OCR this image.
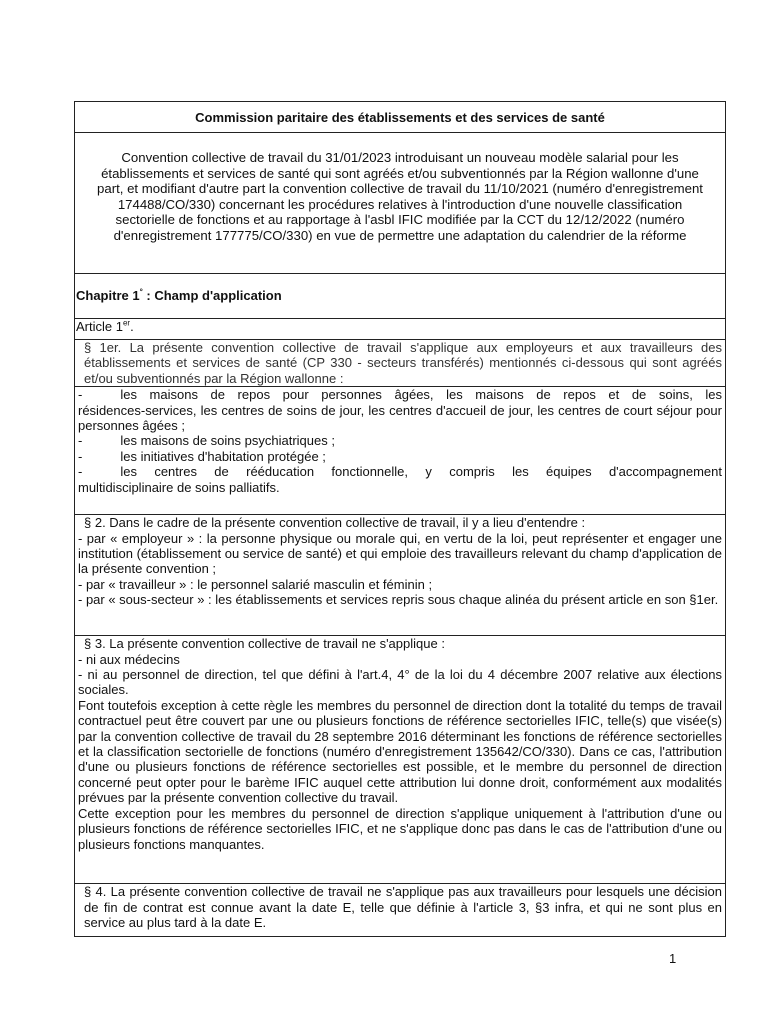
Commission paritaire des établissements et des services de santé

Convention collective de travail du 31/01/2023 introduisant un nouveau modèle salarial pour les établissements et services de santé qui sont agréés et/ou subventionnés par la Région wallonne d'une part, et modifiant d'autre part la convention collective de travail du 11/10/2021 (numéro d'enregistrement 174488/CO/330) concernant les procédures relatives à l'introduction d'une nouvelle classification sectorielle de fonctions et au rapportage à l'asbl IFIC modifiée par la CCT du 12/12/2022 (numéro d'enregistrement 177775/CO/330) en vue de permettre une adaptation du calendrier de la réforme

Chapitre 1° : Champ d'application
Article 1er.

§ 1er. La présente convention collective de travail s'applique aux employeurs et aux travailleurs des établissements et services de santé (CP 330 - secteurs transférés) mentionnés ci-dessous qui sont agréés et/ou subventionnés par la Région wallonne :

-	les maisons de repos pour personnes âgées, les maisons de repos et de soins, les
résidences-services, les centres de soins de jour, les centres d'accueil de jour, les centres de court séjour pour personnes âgées ;
-	les maisons de soins psychiatriques ;
-	les initiatives d'habitation protégée ;
-	les centres de rééducation fonctionnelle, y compris les équipes d'accompagnement
multidisciplinaire de soins palliatifs.

§ 2. Dans le cadre de la présente convention collective de travail, il y a lieu d'entendre :
- par « employeur » : la personne physique ou morale qui, en vertu de la loi, peut représenter et engager une institution (établissement ou service de santé) et qui emploie des travailleurs relevant du champ d'application de la présente convention ;
- par « travailleur » : le personnel salarié masculin et féminin ;
- par « sous-secteur » : les établissements et services repris sous chaque alinéa du présent article en son §1er.

§ 3. La présente convention collective de travail ne s'applique :
- ni aux médecins
- ni au personnel de direction, tel que défini à l'art.4, 4° de la loi du 4 décembre 2007 relative aux élections sociales.
Font toutefois exception à cette règle les membres du personnel de direction dont la totalité du temps de travail contractuel peut être couvert par une ou plusieurs fonctions de référence sectorielles IFIC, telle(s) que visée(s) par la convention collective de travail du 28 septembre 2016 déterminant les fonctions de référence sectorielles et la classification sectorielle de fonctions (numéro d'enregistrement 135642/CO/330). Dans ce cas, l'attribution d'une ou plusieurs fonctions de référence sectorielles est possible, et le membre du personnel de direction concerné peut opter pour le barème IFIC auquel cette attribution lui donne droit, conformément aux modalités prévues par la présente convention collective du travail.
Cette exception pour les membres du personnel de direction s'applique uniquement à l'attribution d'une ou plusieurs fonctions de référence sectorielles IFIC, et ne s'applique donc pas dans le cas de l'attribution d'une ou plusieurs fonctions manquantes.

§ 4. La présente convention collective de travail ne s'applique pas aux travailleurs pour lesquels une décision de fin de contrat est connue avant la date E, telle que définie à l'article 3, §3 infra, et qui ne sont plus en service au plus tard à la date E.
1
